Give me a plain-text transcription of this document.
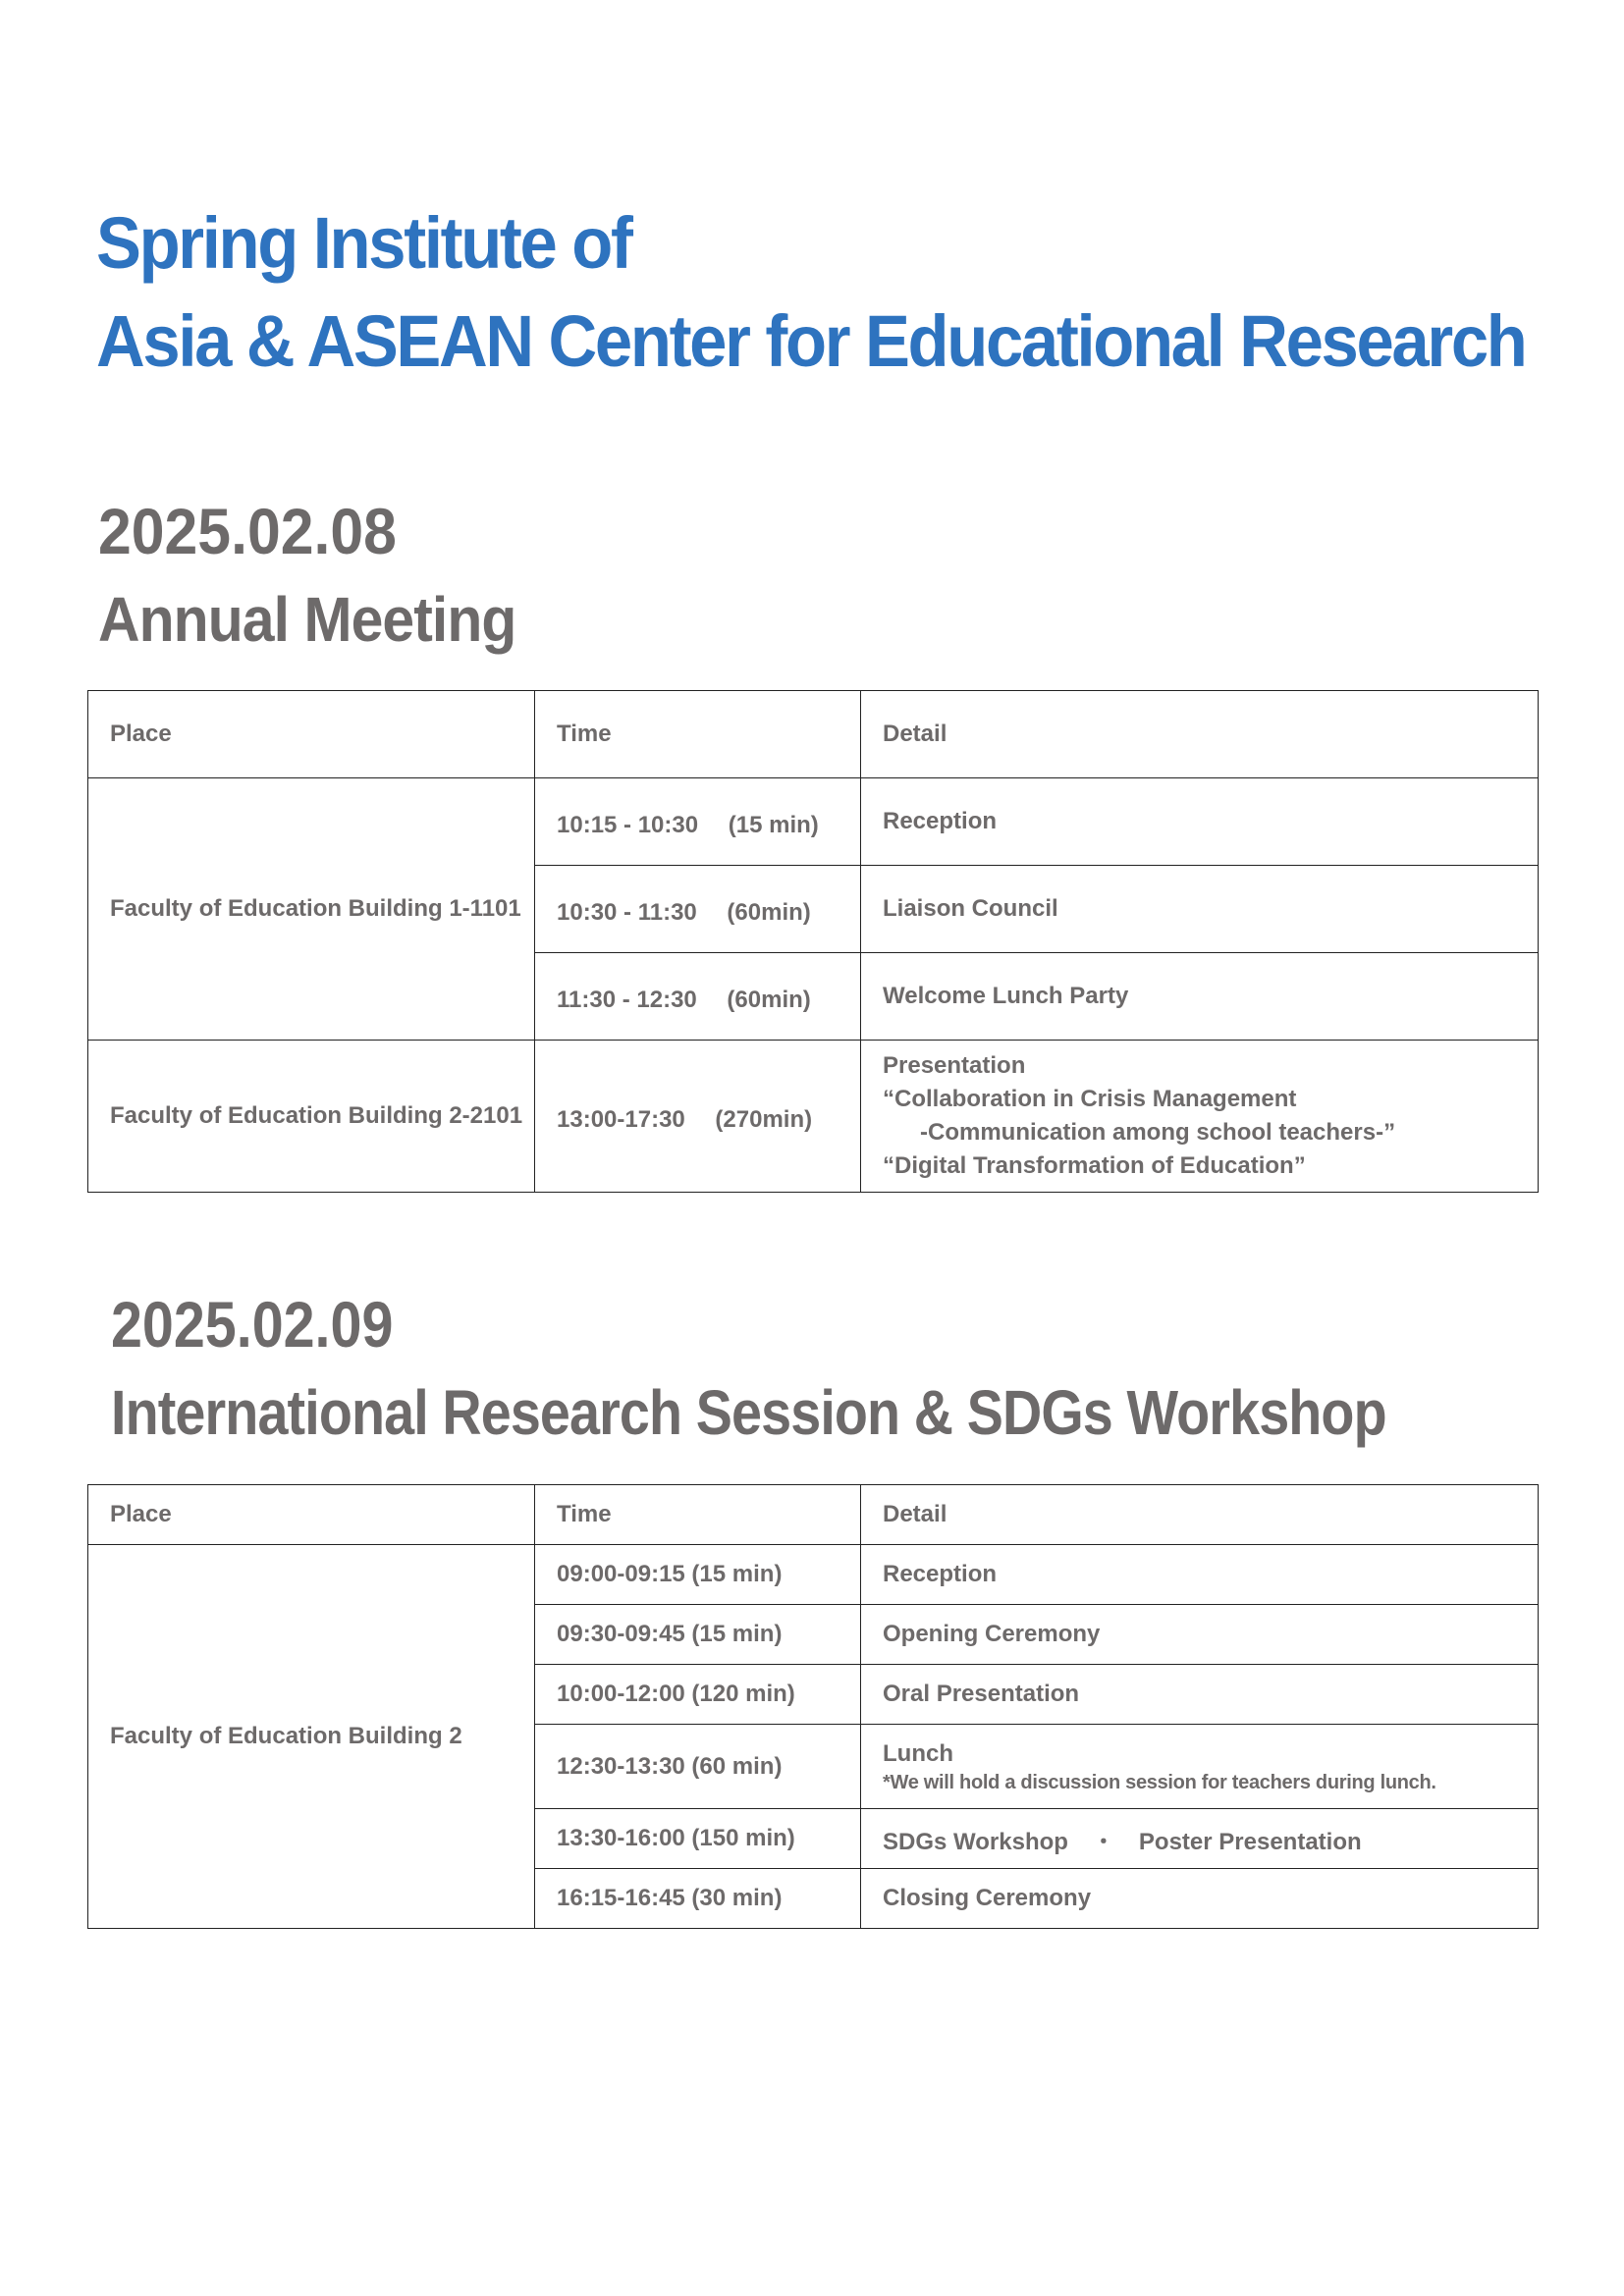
Spring Institute of
Asia & ASEAN Center for Educational Research
2025.02.08
Annual Meeting
Place	Time	Detail
Faculty of Education Building 1-1101	10:15 - 10:30　 (15 min)	Reception
	10:30 - 11:30　 (60min)	Liaison Council
	11:30 - 12:30　 (60min)	Welcome Lunch Party
Faculty of Education Building 2-2101	13:00-17:30　 (270min)	Presentation
“Collaboration in Crisis Management
-Communication among school teachers-”
“Digital Transformation of Education”
2025.02.09
International Research Session & SDGs Workshop
Place	Time	Detail
Faculty of Education Building 2	09:00-09:15 (15 min)	Reception
	09:30-09:45 (15 min)	Opening Ceremony
	10:00-12:00 (120 min)	Oral Presentation
	12:30-13:30 (60 min)	Lunch
*We will hold a discussion session for teachers during lunch.

	13:30-16:00 (150 min)	SDGs Workshop　・　Poster Presentation
	16:15-16:45 (30 min)	Closing Ceremony
